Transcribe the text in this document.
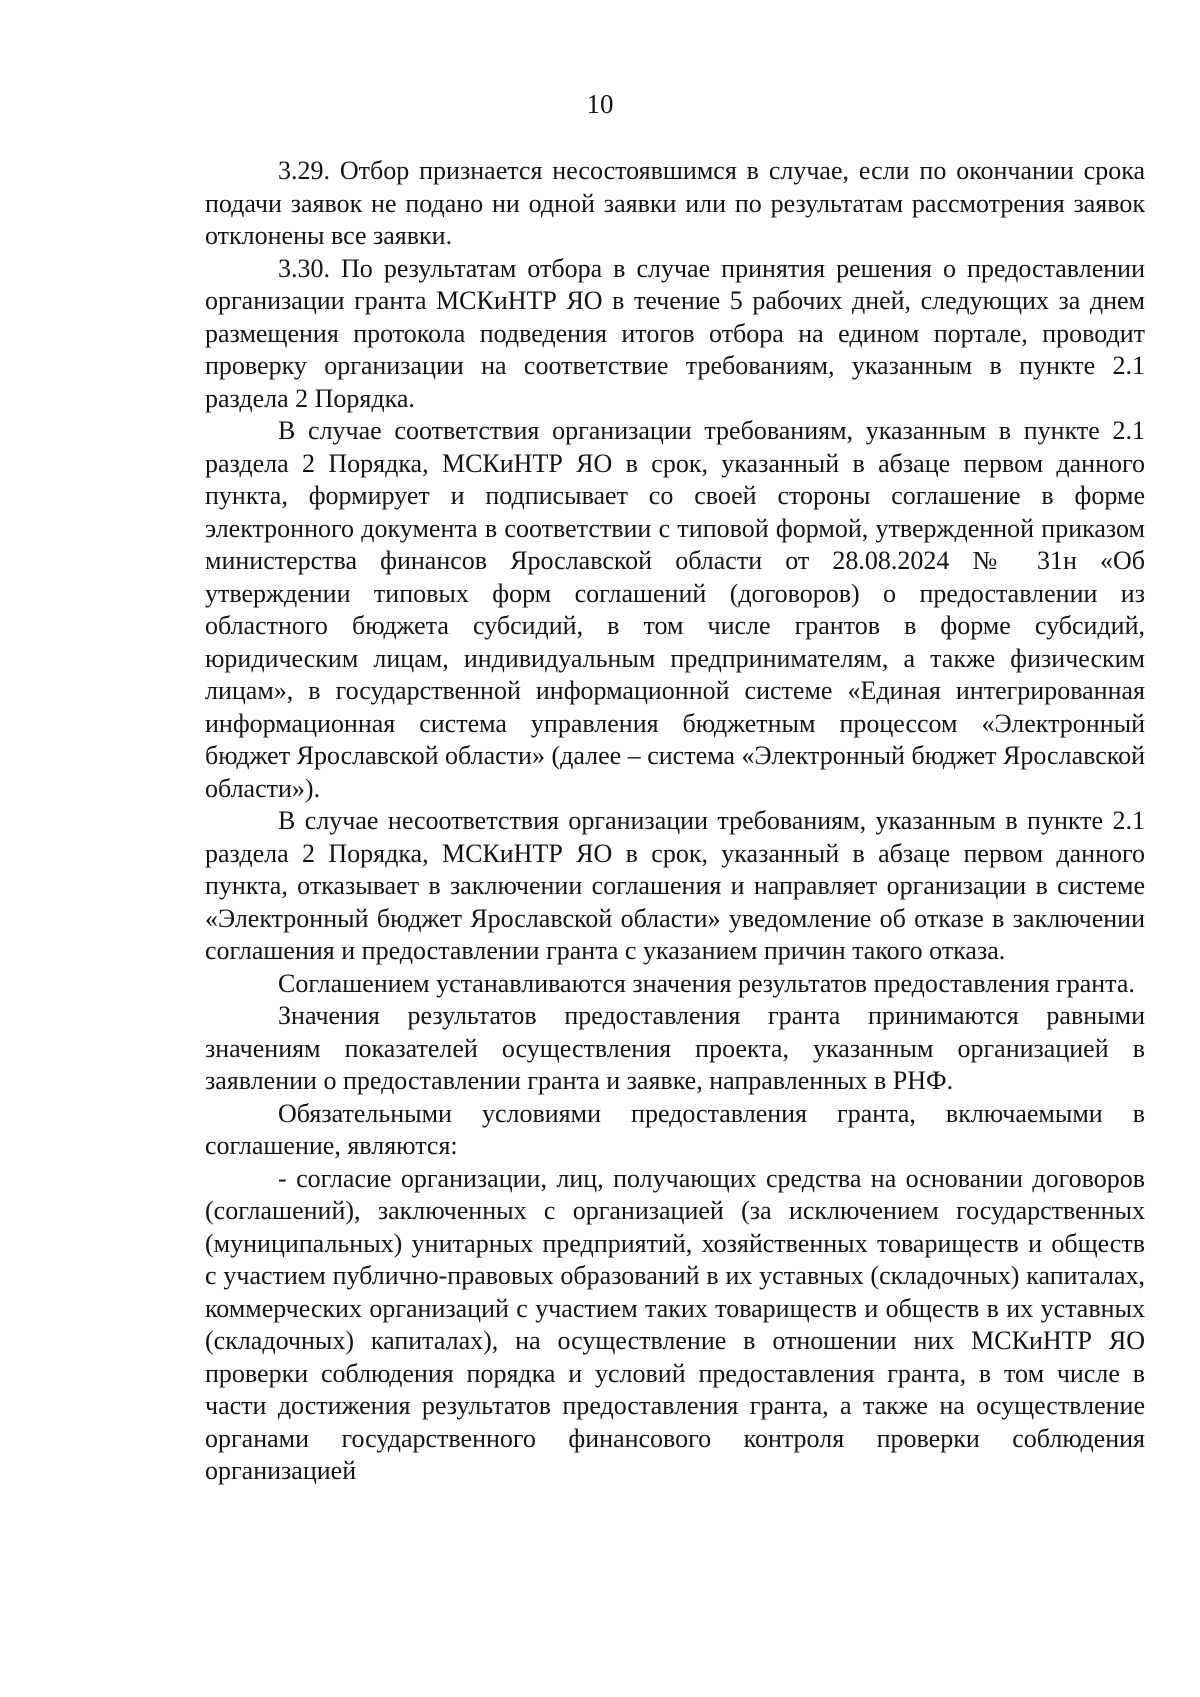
10

3.29. Отбор признается несостоявшимся в случае, если по окончании срока подачи заявок не подано ни одной заявки или по результатам рассмотрения заявок отклонены все заявки.

3.30. По результатам отбора в случае принятия решения о предоставлении организации гранта МСКиНТР ЯО в течение 5 рабочих дней, следующих за днем размещения протокола подведения итогов отбора на едином портале, проводит проверку организации на соответствие требованиям, указанным в пункте 2.1 раздела 2 Порядка.

В случае соответствия организации требованиям, указанным в пункте 2.1 раздела 2 Порядка, МСКиНТР ЯО в срок, указанный в абзаце первом данного пункта, формирует и подписывает со своей стороны соглашение в форме электронного документа в соответствии с типовой формой, утвержденной приказом министерства финансов Ярославской области от 28.08.2024 № 31н «Об утверждении типовых форм соглашений (договоров) о предоставлении из областного бюджета субсидий, в том числе грантов в форме субсидий, юридическим лицам, индивидуальным предпринимателям, а также физическим лицам», в государственной информационной системе «Единая интегрированная информационная система управления бюджетным процессом «Электронный бюджет Ярославской области» (далее – система «Электронный бюджет Ярославской области»).

В случае несоответствия организации требованиям, указанным в пункте 2.1 раздела 2 Порядка, МСКиНТР ЯО в срок, указанный в абзаце первом данного пункта, отказывает в заключении соглашения и направляет организации в системе «Электронный бюджет Ярославской области» уведомление об отказе в заключении соглашения и предоставлении гранта с указанием причин такого отказа.

Соглашением устанавливаются значения результатов предоставления гранта.

Значения результатов предоставления гранта принимаются равными значениям показателей осуществления проекта, указанным организацией в заявлении о предоставлении гранта и заявке, направленных в РНФ.

Обязательными условиями предоставления гранта, включаемыми в соглашение, являются:

- согласие организации, лиц, получающих средства на основании договоров (соглашений), заключенных с организацией (за исключением государственных (муниципальных) унитарных предприятий, хозяйственных товариществ и обществ с участием публично-правовых образований в их уставных (складочных) капиталах, коммерческих организаций с участием таких товариществ и обществ в их уставных (складочных) капиталах), на осуществление в отношении них МСКиНТР ЯО проверки соблюдения порядка и условий предоставления гранта, в том числе в части достижения результатов предоставления гранта, а также на осуществление органами государственного финансового контроля проверки соблюдения организацией
